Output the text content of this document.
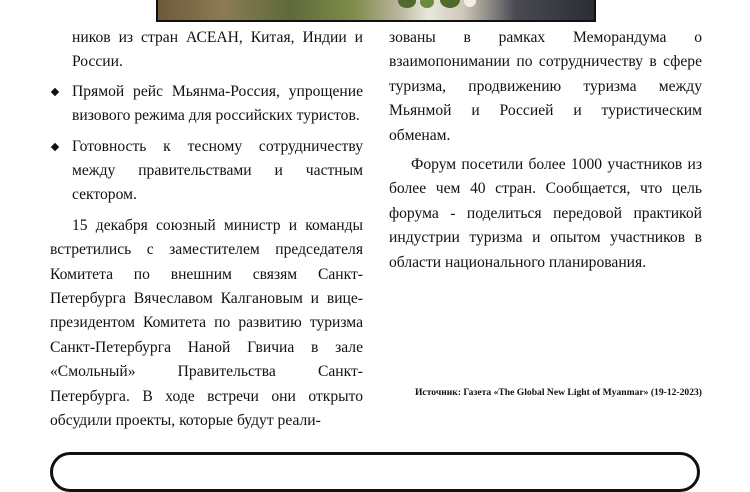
ников из стран АСЕАН, Китая, Индии и России.

Прямой рейс Мьянма-Россия, упрощение визового режима для российских туристов.
Готовность к тесному сотрудничеству между правительствами и частным сектором.

15 декабря союзный министр и команды встретились с заместителем председателя Комитета по внешним связям Санкт-Петербурга Вячеславом Калгановым и вице-президентом Комитета по развитию туризма Санкт-Петербурга Наной Гвичиа в зале «Смольный» Правительства Санкт-Петербурга. В ходе встречи они открыто обсудили проекты, которые будут реали-

зованы в рамках Меморандума о взаимопонимании по сотрудничеству в сфере туризма, продвижению туризма между Мьянмой и Россией и туристическим обменам.

Форум посетили более 1000 участников из более чем 40 стран. Сообщается, что цель форума - поделиться передовой практикой индустрии туризма и опытом участников в области национального планирования.

Источник: Газета «The Global New Light of Myanmar» (19-12-2023)
